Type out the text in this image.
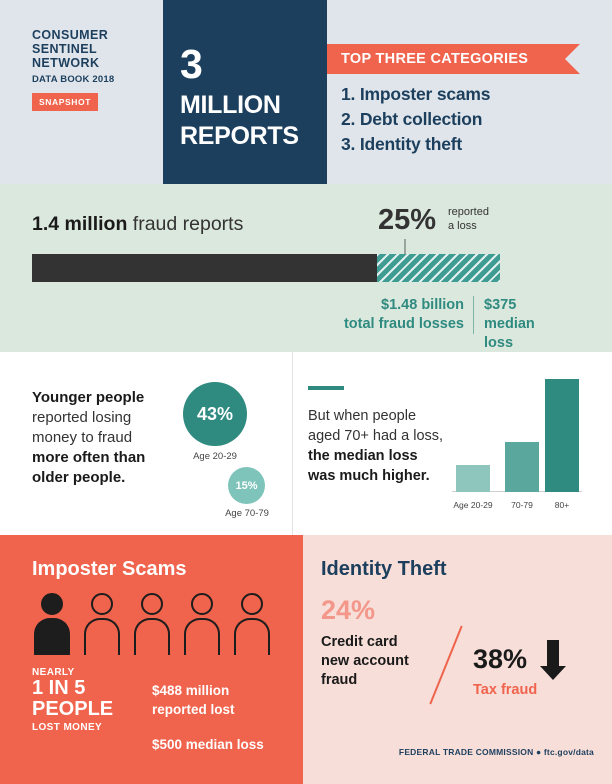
CONSUMER
SENTINEL
NETWORK
DATA BOOK 2018
SNAPSHOT
3
MILLION
REPORTS
TOP THREE CATEGORIES
1. Imposter scams
2. Debt collection
3. Identity theft
1.4 million fraud reports	25% reported
a loss
$1.48 billion
total fraud losses
$375
median loss
Younger people
reported losing
money to fraud
more often than
older people.
43%
Age 20-29
15%
Age 70-79
But when people
aged 70+ had a loss,
the median loss
was much higher.
Age 20-29	70-79	80+
Imposter Scams
NEARLY
1 IN 5
PEOPLE
LOST MONEY
$488 million
reported lost
$500 median loss
Identity Theft
24%
Credit card
new account
fraud
38%
Tax fraud
FEDERAL TRADE COMMISSION ● ftc.gov/data
